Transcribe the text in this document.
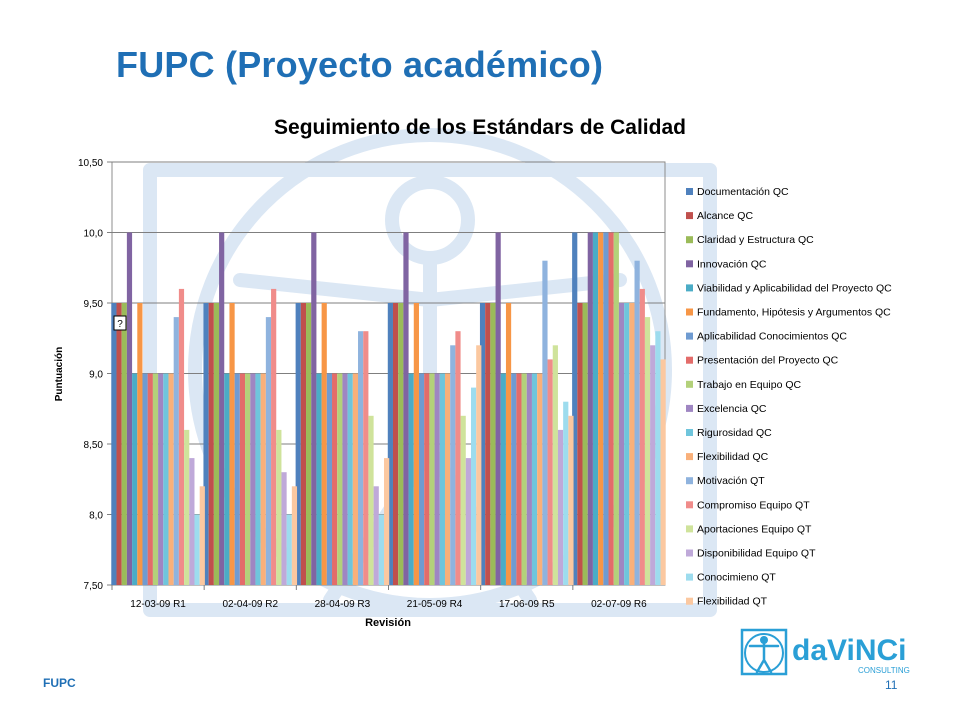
FUPC (Proyecto académico)
Seguimiento de los Estándars de Calidad
7,50
8,0
8,50
9,0
9,50
10,0
10,50
12-03-09 R1	02-04-09 R2	28-04-09 R3	21-05-09 R4	17-06-09 R5	02-07-09 R6
Revisión
Puntuación
?
Documentación QC
Alcance QC
Claridad y Estructura QC
Innovación QC
Viabilidad y Aplicabilidad del Proyecto QC
Fundamento, Hipótesis y Argumentos QC
Aplicabilidad Conocimientos QC
Presentación del Proyecto QC
Trabajo en Equipo QC
Excelencia QC
Rigurosidad QC
Flexibilidad QC
Motivación QT
Compromiso Equipo QT
Aportaciones Equipo QT
Disponibilidad Equipo QT
Conocimieno QT
Flexibilidad QT
FUPC	11
daViNCi
CONSULTING
